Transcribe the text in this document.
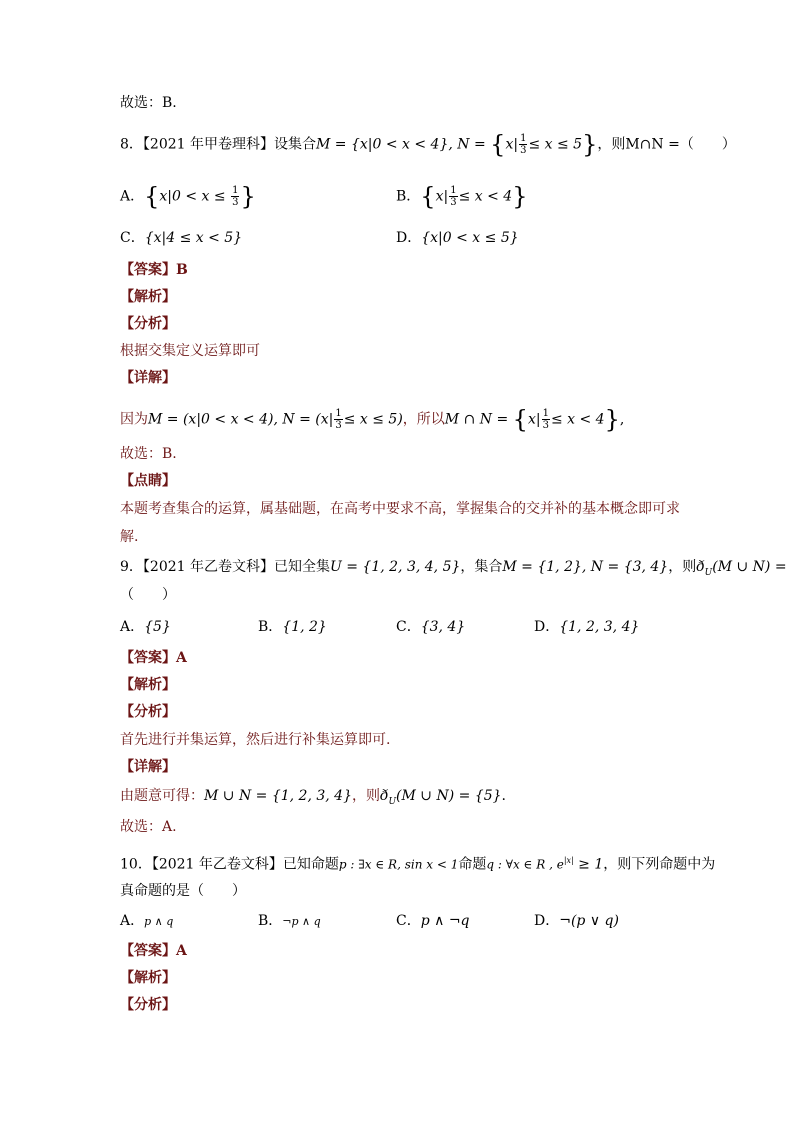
故选：B.
8．【2021 年甲卷理科】设集合M = {x|0 < x < 4}, $N = \{x| \frac{1}{3} \le x \le 5\}$，则M∩N =（　　）
A．{$x|0 < x \le \frac{1}{3}$ }	B．$\{x| \frac{1}{3} \le x < 4\}$
C．{x|4 ≤ x < 5}	D．{x|0 < x ≤ 5}
【答案】B
【解析】
【分析】
根据交集定义运算即可
【详解】
因为M = (x|0 < x < 4), $N = (x| \frac{1}{3} \le x \le 5)$，所以M ∩ $N = \{x| \frac{1}{3} \le x < 4\}$,
故选：B.
【点睛】
本题考查集合的运算，属基础题，在高考中要求不高，掌握集合的交并补的基本概念即可求
解.
9．【2021 年乙卷文科】已知全集U = {1, 2, 3, 4, 5}，集合M = {1, 2}, N = {3, 4}，则$ð_U(M$ ∪ N) =
（　　）
A．{5}	B．{1, 2}	C．{3, 4}	D．{1, 2, 3, 4}
【答案】A
【解析】
【分析】
首先进行并集运算，然后进行补集运算即可.
【详解】
由题意可得：M ∪ N = {1, 2, 3, 4}，则$ð_U(M$ ∪ N) = {5}.
故选：A.
10．【2021 年乙卷文科】已知命题p : ∃x ∈ R, sin x < 1命题q : ∀x ∈ R , $e^{|x|} \ge 1$，则下列命题中为
真命题的是（　　）
A．p ∧ q	B．¬p ∧ q	C．p ∧ ¬q	D．¬(p ∨ q)
【答案】A
【解析】
【分析】
